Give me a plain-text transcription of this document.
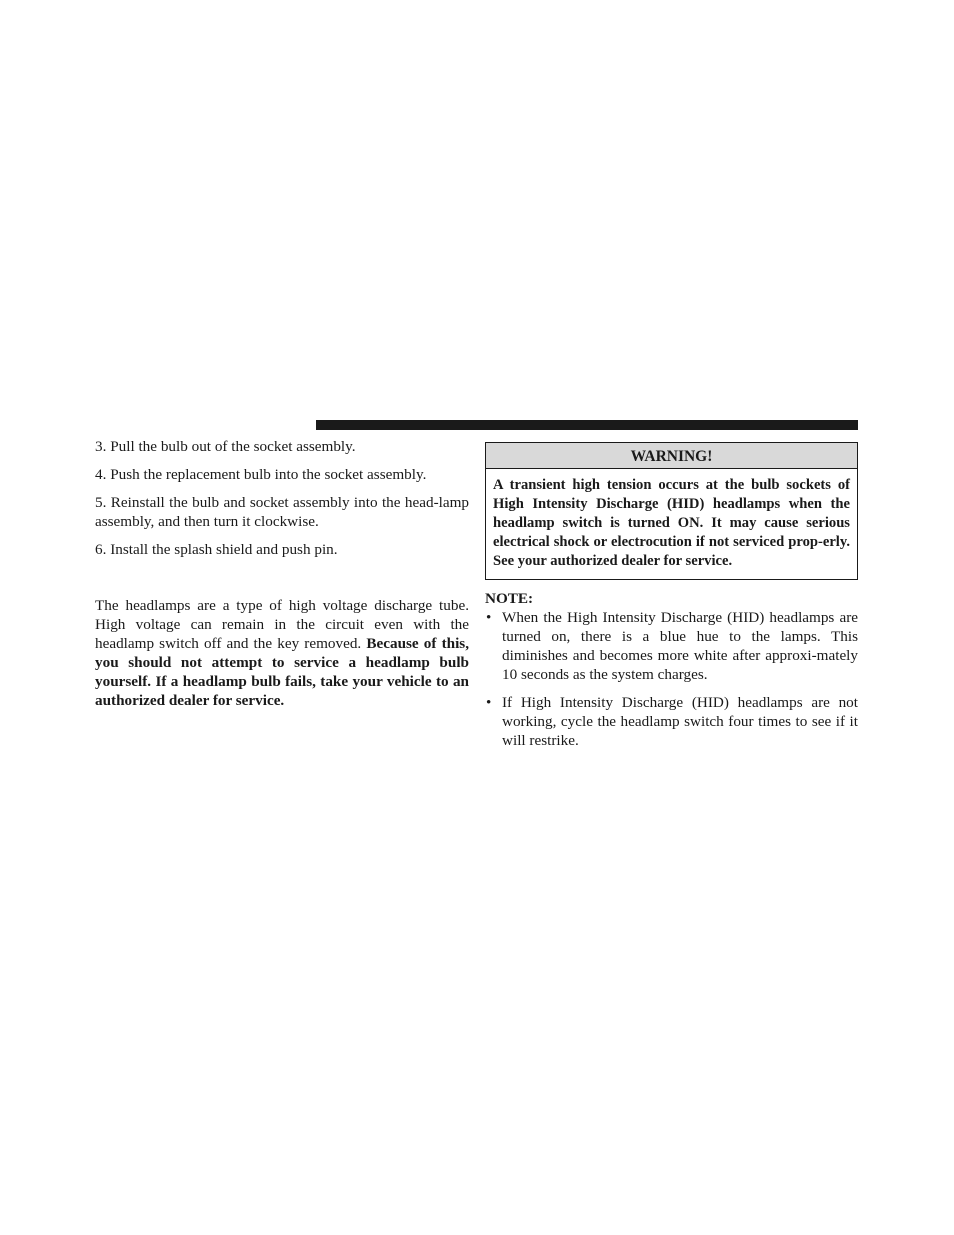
3. Pull the bulb out of the socket assembly.

4. Push the replacement bulb into the socket assembly.

5. Reinstall the bulb and socket assembly into the head-lamp assembly, and then turn it clockwise.

6. Install the splash shield and push pin.

The headlamps are a type of high voltage discharge tube. High voltage can remain in the circuit even with the headlamp switch off and the key removed. Because of this, you should not attempt to service a headlamp bulb yourself. If a headlamp bulb fails, take your vehicle to an authorized dealer for service.

WARNING!
A transient high tension occurs at the bulb sockets of High Intensity Discharge (HID) headlamps when the headlamp switch is turned ON. It may cause serious electrical shock or electrocution if not serviced prop-erly. See your authorized dealer for service.
NOTE:
• When the High Intensity Discharge (HID) headlamps are turned on, there is a blue hue to the lamps. This diminishes and becomes more white after approxi-mately 10 seconds as the system charges.
• If High Intensity Discharge (HID) headlamps are not working, cycle the headlamp switch four times to see if it will restrike.
